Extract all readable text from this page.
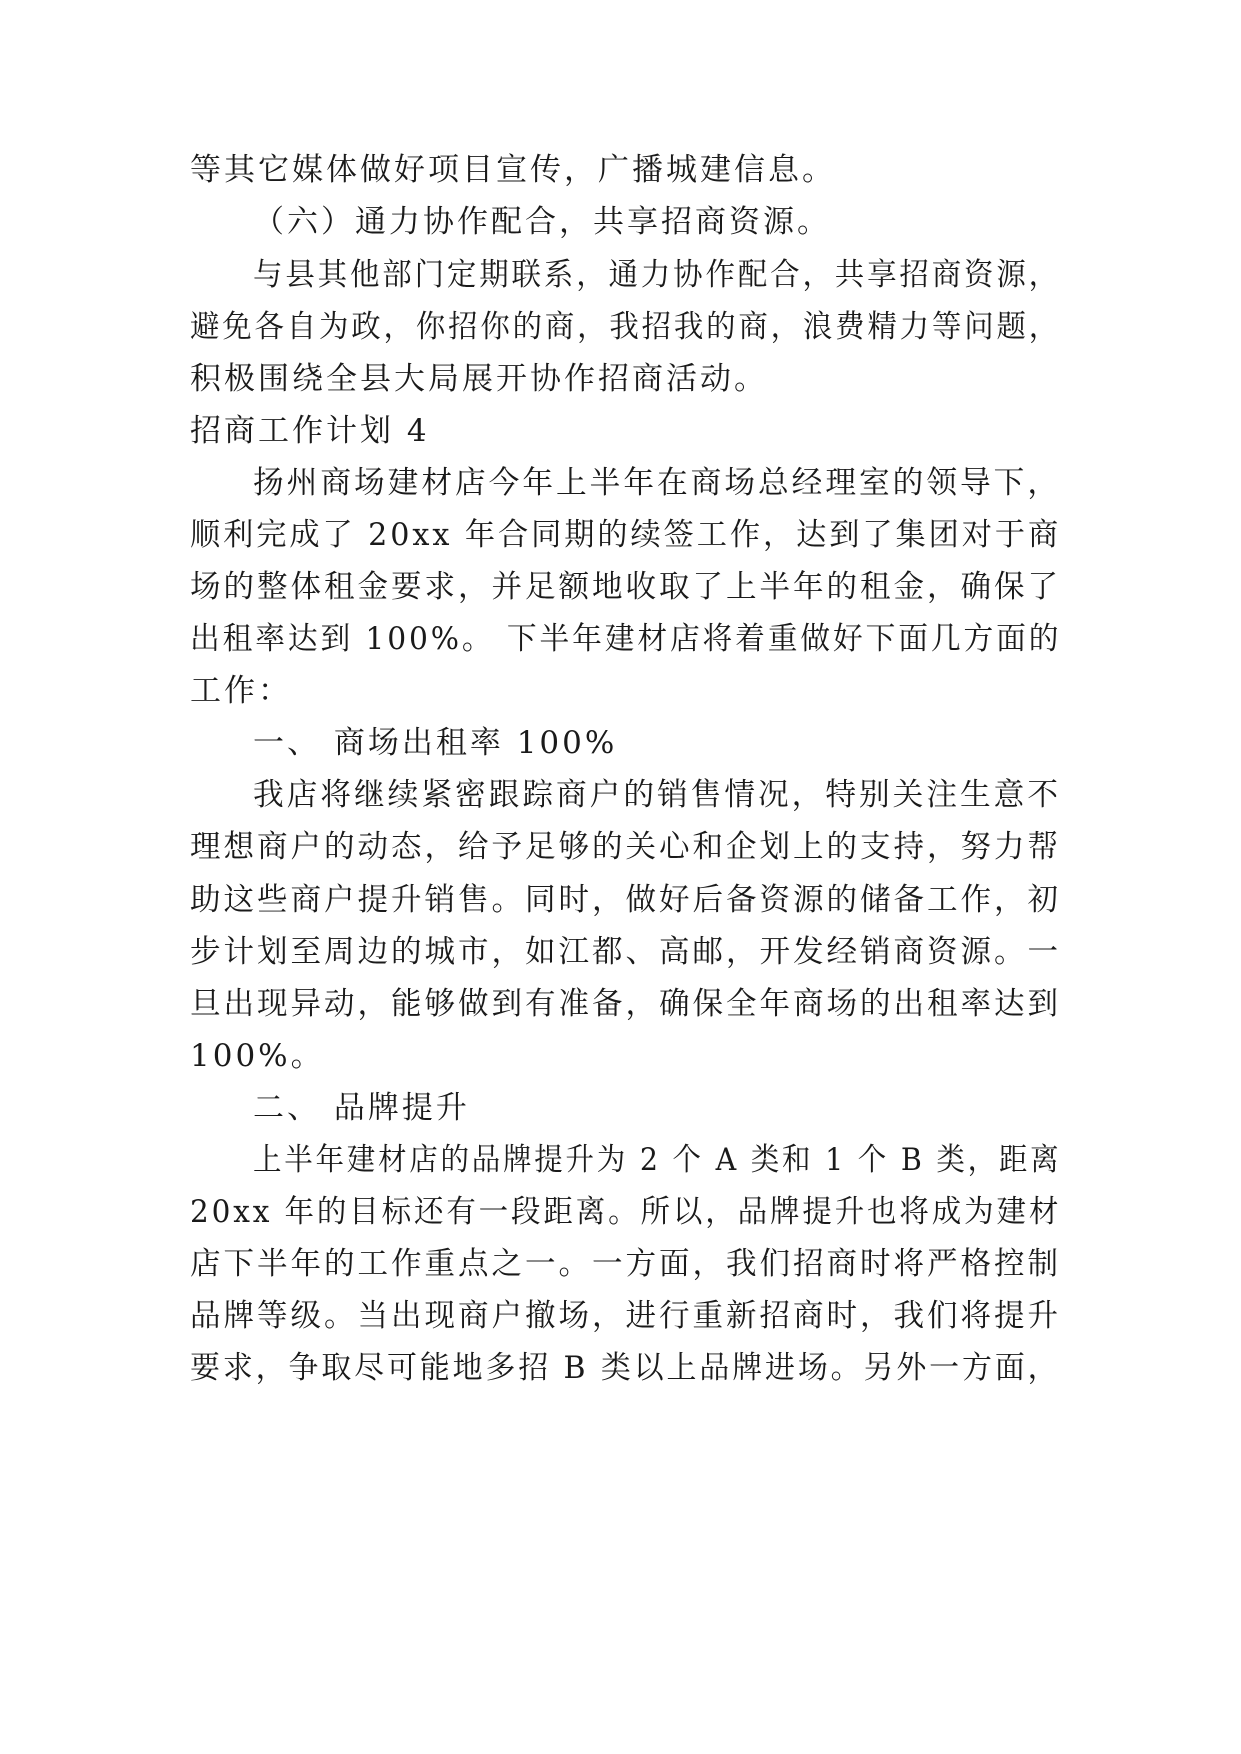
等其它媒体做好项目宣传，广播城建信息。
（六）通力协作配合，共享招商资源。
与县其他部门定期联系，通力协作配合，共享招商资源，
避免各自为政，你招你的商，我招我的商，浪费精力等问题，
积极围绕全县大局展开协作招商活动。
招商工作计划 4
扬州商场建材店今年上半年在商场总经理室的领导下，
顺利完成了 20xx 年合同期的续签工作，达到了集团对于商
场的整体租金要求，并足额地收取了上半年的租金，确保了
出租率达到 100%。 下半年建材店将着重做好下面几方面的
工作：
一、 商场出租率 100%
我店将继续紧密跟踪商户的销售情况，特别关注生意不
理想商户的动态，给予足够的关心和企划上的支持，努力帮
助这些商户提升销售。同时，做好后备资源的储备工作，初
步计划至周边的城市，如江都、高邮，开发经销商资源。一
旦出现异动，能够做到有准备，确保全年商场的出租率达到
100%。
二、 品牌提升
上半年建材店的品牌提升为 2 个 A 类和 1 个 B 类，距离
20xx 年的目标还有一段距离。所以，品牌提升也将成为建材
店下半年的工作重点之一。一方面，我们招商时将严格控制
品牌等级。当出现商户撤场，进行重新招商时，我们将提升
要求，争取尽可能地多招 B 类以上品牌进场。另外一方面，
